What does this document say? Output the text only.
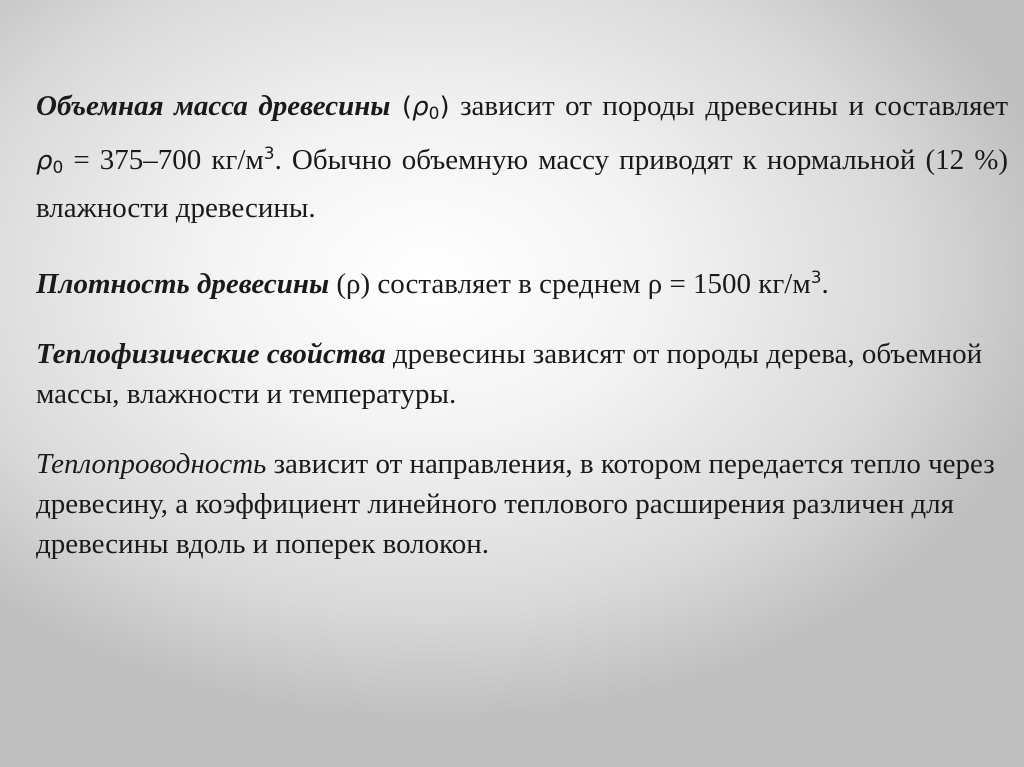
Объемная масса древесины $(\rho_0)$ зависит от породы древесины и составляет $\rho_0 = 375-700$ $кг/м^3$. Обычно объемную массу приводят к нормальной (12 %) влажности древесины.

Плотность древесины (ρ) составляет в среднем ρ = 1500 $кг/м^3$.

Теплофизические свойства древесины зависят от породы дерева, объемной массы, влажности и температуры.

Теплопроводность зависит от направления, в котором передается тепло через древесину, а коэффициент линейного теплового расширения различен для древесины вдоль и поперек волокон.
